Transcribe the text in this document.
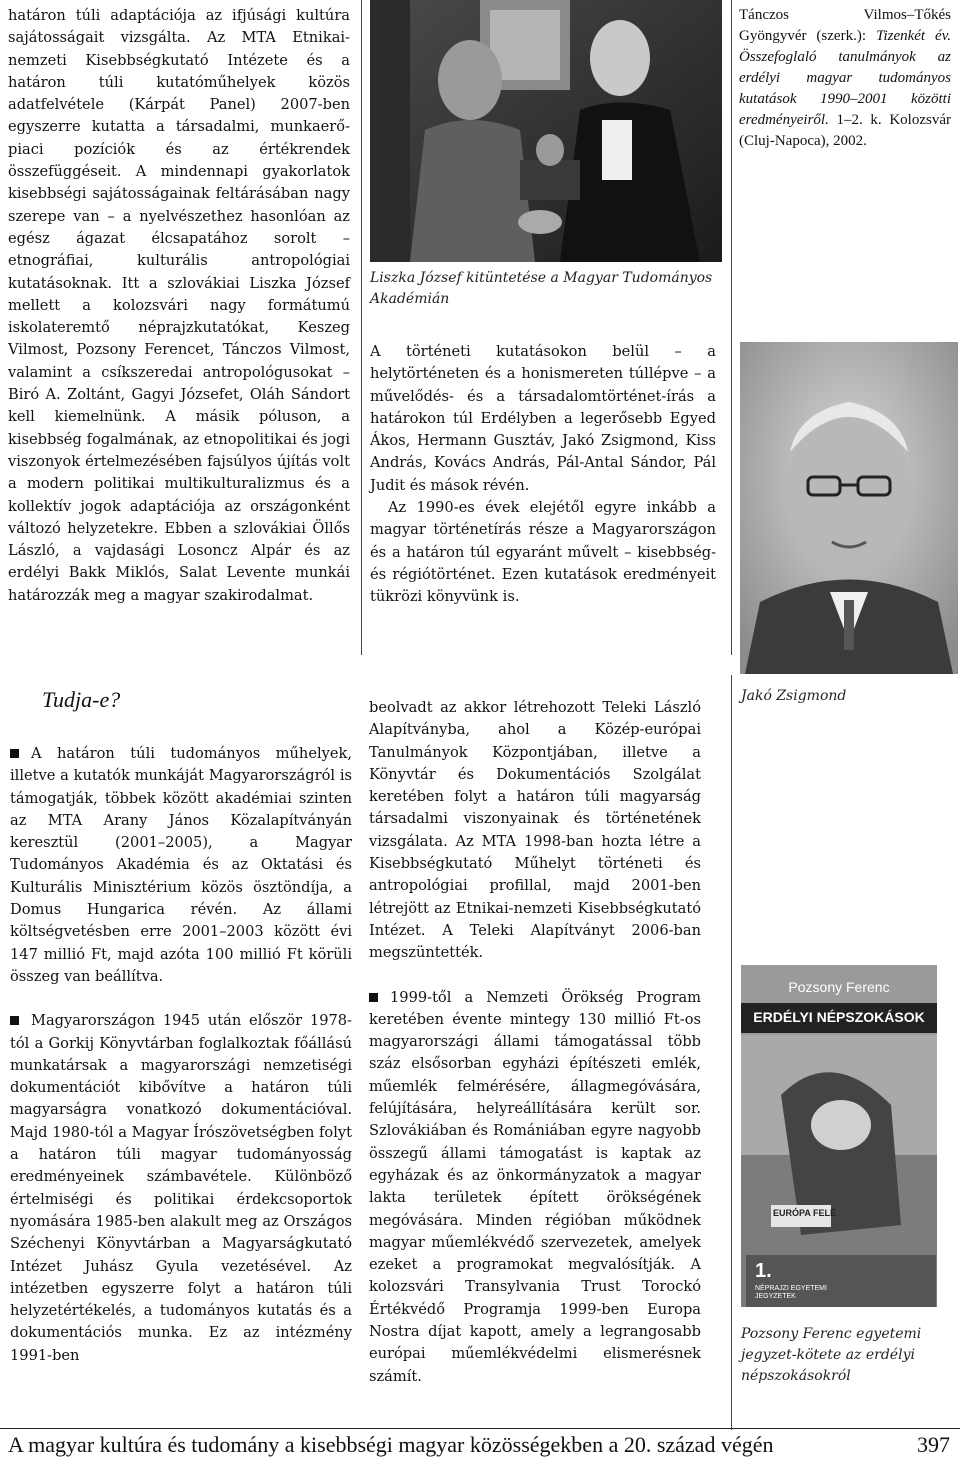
határon túli adaptációja az ifjúsági kultúra sajátosságait vizsgálta. Az MTA Etnikai-nemzeti Kisebbségkutató Intézete és a határon túli kutatóműhelyek közös adatfelvétele (Kárpát Panel) 2007-ben egyszerre kutatta a társadalmi, munkaerő-piaci pozíciók és az értékrendek összefüggéseit. A mindennapi gyakorlatok kisebbségi sajátosságainak feltárásában nagy szerepe van – a nyelvészethez hasonlóan az egész ágazat élcsapatához sorolt – etnográfiai, kulturális antropológiai kutatásoknak. Itt a szlovákiai Liszka József mellett a kolozsvári nagy formátumú iskolateremtő néprajzkutatókat, Keszeg Vilmost, Pozsony Ferencet, Tánczos Vilmost, valamint a csíkszeredai antropológusokat – Biró A. Zoltánt, Gagyi Józsefet, Oláh Sándort kell kiemelnünk. A másik póluson, a kisebbség fogalmának, az etnopolitikai és jogi viszonyok értelmezésében fajsúlyos újítás volt a modern politikai multikulturalizmus és a kollektív jogok adaptációja az országonként változó helyzetekre. Ebben a szlovákiai Öllős László, a vajdasági Losoncz Alpár és az erdélyi Bakk Miklós, Salat Levente munkái határozzák meg a magyar szakirodalmat.

Liszka József kitüntetése a Magyar Tudományos Akadémián

A történeti kutatásokon belül – a helytörténeten és a honismereten túllépve – a művelődés- és a társadalomtörténet-írás a határokon túl Erdélyben a legerősebb Egyed Ákos, Hermann Gusztáv, Jakó Zsigmond, Kiss András, Kovács András, Pál-Antal Sándor, Pál Judit és mások révén.

Az 1990-es évek elejétől egyre inkább a magyar történetírás része a Magyarországon és a határon túl egyaránt művelt – kisebbség- és régiótörténet. Ezen kutatások eredményeit tükrözi könyvünk is.

Tánczos Vilmos–Tőkés Gyöngyvér (szerk.): Tizenkét év. Összefoglaló tanulmányok az erdélyi magyar tudományos kutatások 1990–2001 közötti eredményeiről. 1–2. k. Kolozsvár (Cluj-Napoca), 2002.
Jakó Zsigmond
Pozsony Ferenc
ERDÉLYI NÉPSZOKÁSOK
EURÓPA FELÉ
1.
NÉPRAJZI EGYETEMI JEGYZETEK
Pozsony Ferenc egyetemi jegyzet-kötete az erdélyi népszokásokról
Tudja-e?

A határon túli tudományos műhelyek, illetve a kutatók munkáját Magyarországról is támogatják, többek között akadémiai szinten az MTA Arany János Közalapítványán keresztül (2001–2005), a Magyar Tudományos Akadémia és az Oktatási és Kulturális Minisztérium közös ösztöndíja, a Domus Hungarica révén. Az állami költségvetésben erre 2001–2003 között évi 147 millió Ft, majd azóta 100 millió Ft körüli összeg van beállítva.

Magyarországon 1945 után először 1978-tól a Gorkij Könyvtárban foglalkoztak főállású munkatársak a magyarországi nemzetiségi dokumentációt kibővítve a határon túli magyarságra vonatkozó dokumentációval. Majd 1980-tól a Magyar Írószövetségben folyt a határon túli magyar tudományosság eredményeinek számbavétele. Különböző értelmiségi és politikai érdekcsoportok nyomására 1985-ben alakult meg az Országos Széchenyi Könyvtárban a Magyarságkutató Intézet Juhász Gyula vezetésével. Az intézetben egyszerre folyt a határon túli helyzetértékelés, a tudományos kutatás és a dokumentációs munka. Ez az intézmény 1991-ben

beolvadt az akkor létrehozott Teleki László Alapítványba, ahol a Közép-európai Tanulmányok Központjában, illetve a Könyvtár és Dokumentációs Szolgálat keretében folyt a határon túli magyarság társadalmi viszonyainak és történetének vizsgálata. Az MTA 1998-ban hozta létre a Kisebbségkutató Műhelyt történeti és antropológiai profillal, majd 2001-ben létrejött az Etnikai-nemzeti Kisebbségkutató Intézet. A Teleki Alapítványt 2006-ban megszüntették.

1999-től a Nemzeti Örökség Program keretében évente mintegy 130 millió Ft-os magyarországi állami támogatással több száz elsősorban egyházi építészeti emlék, műemlék felmérésére, állagmegóvására, felújítására, helyreállítására került sor. Szlovákiában és Romániában egyre nagyobb összegű állami támogatást is kaptak az egyházak és az önkormányzatok a magyar lakta területek épített örökségének megóvására. Minden régióban működnek magyar műemlékvédő szervezetek, amelyek ezeket a programokat megvalósítják. A kolozsvári Transylvania Trust Torockó Értékvédő Programja 1999-ben Europa Nostra díjat kapott, amely a legrangosabb európai műemlékvédelmi elismerésnek számít.

A magyar kultúra és tudomány a kisebbségi magyar közösségekben a 20. század végén	397
